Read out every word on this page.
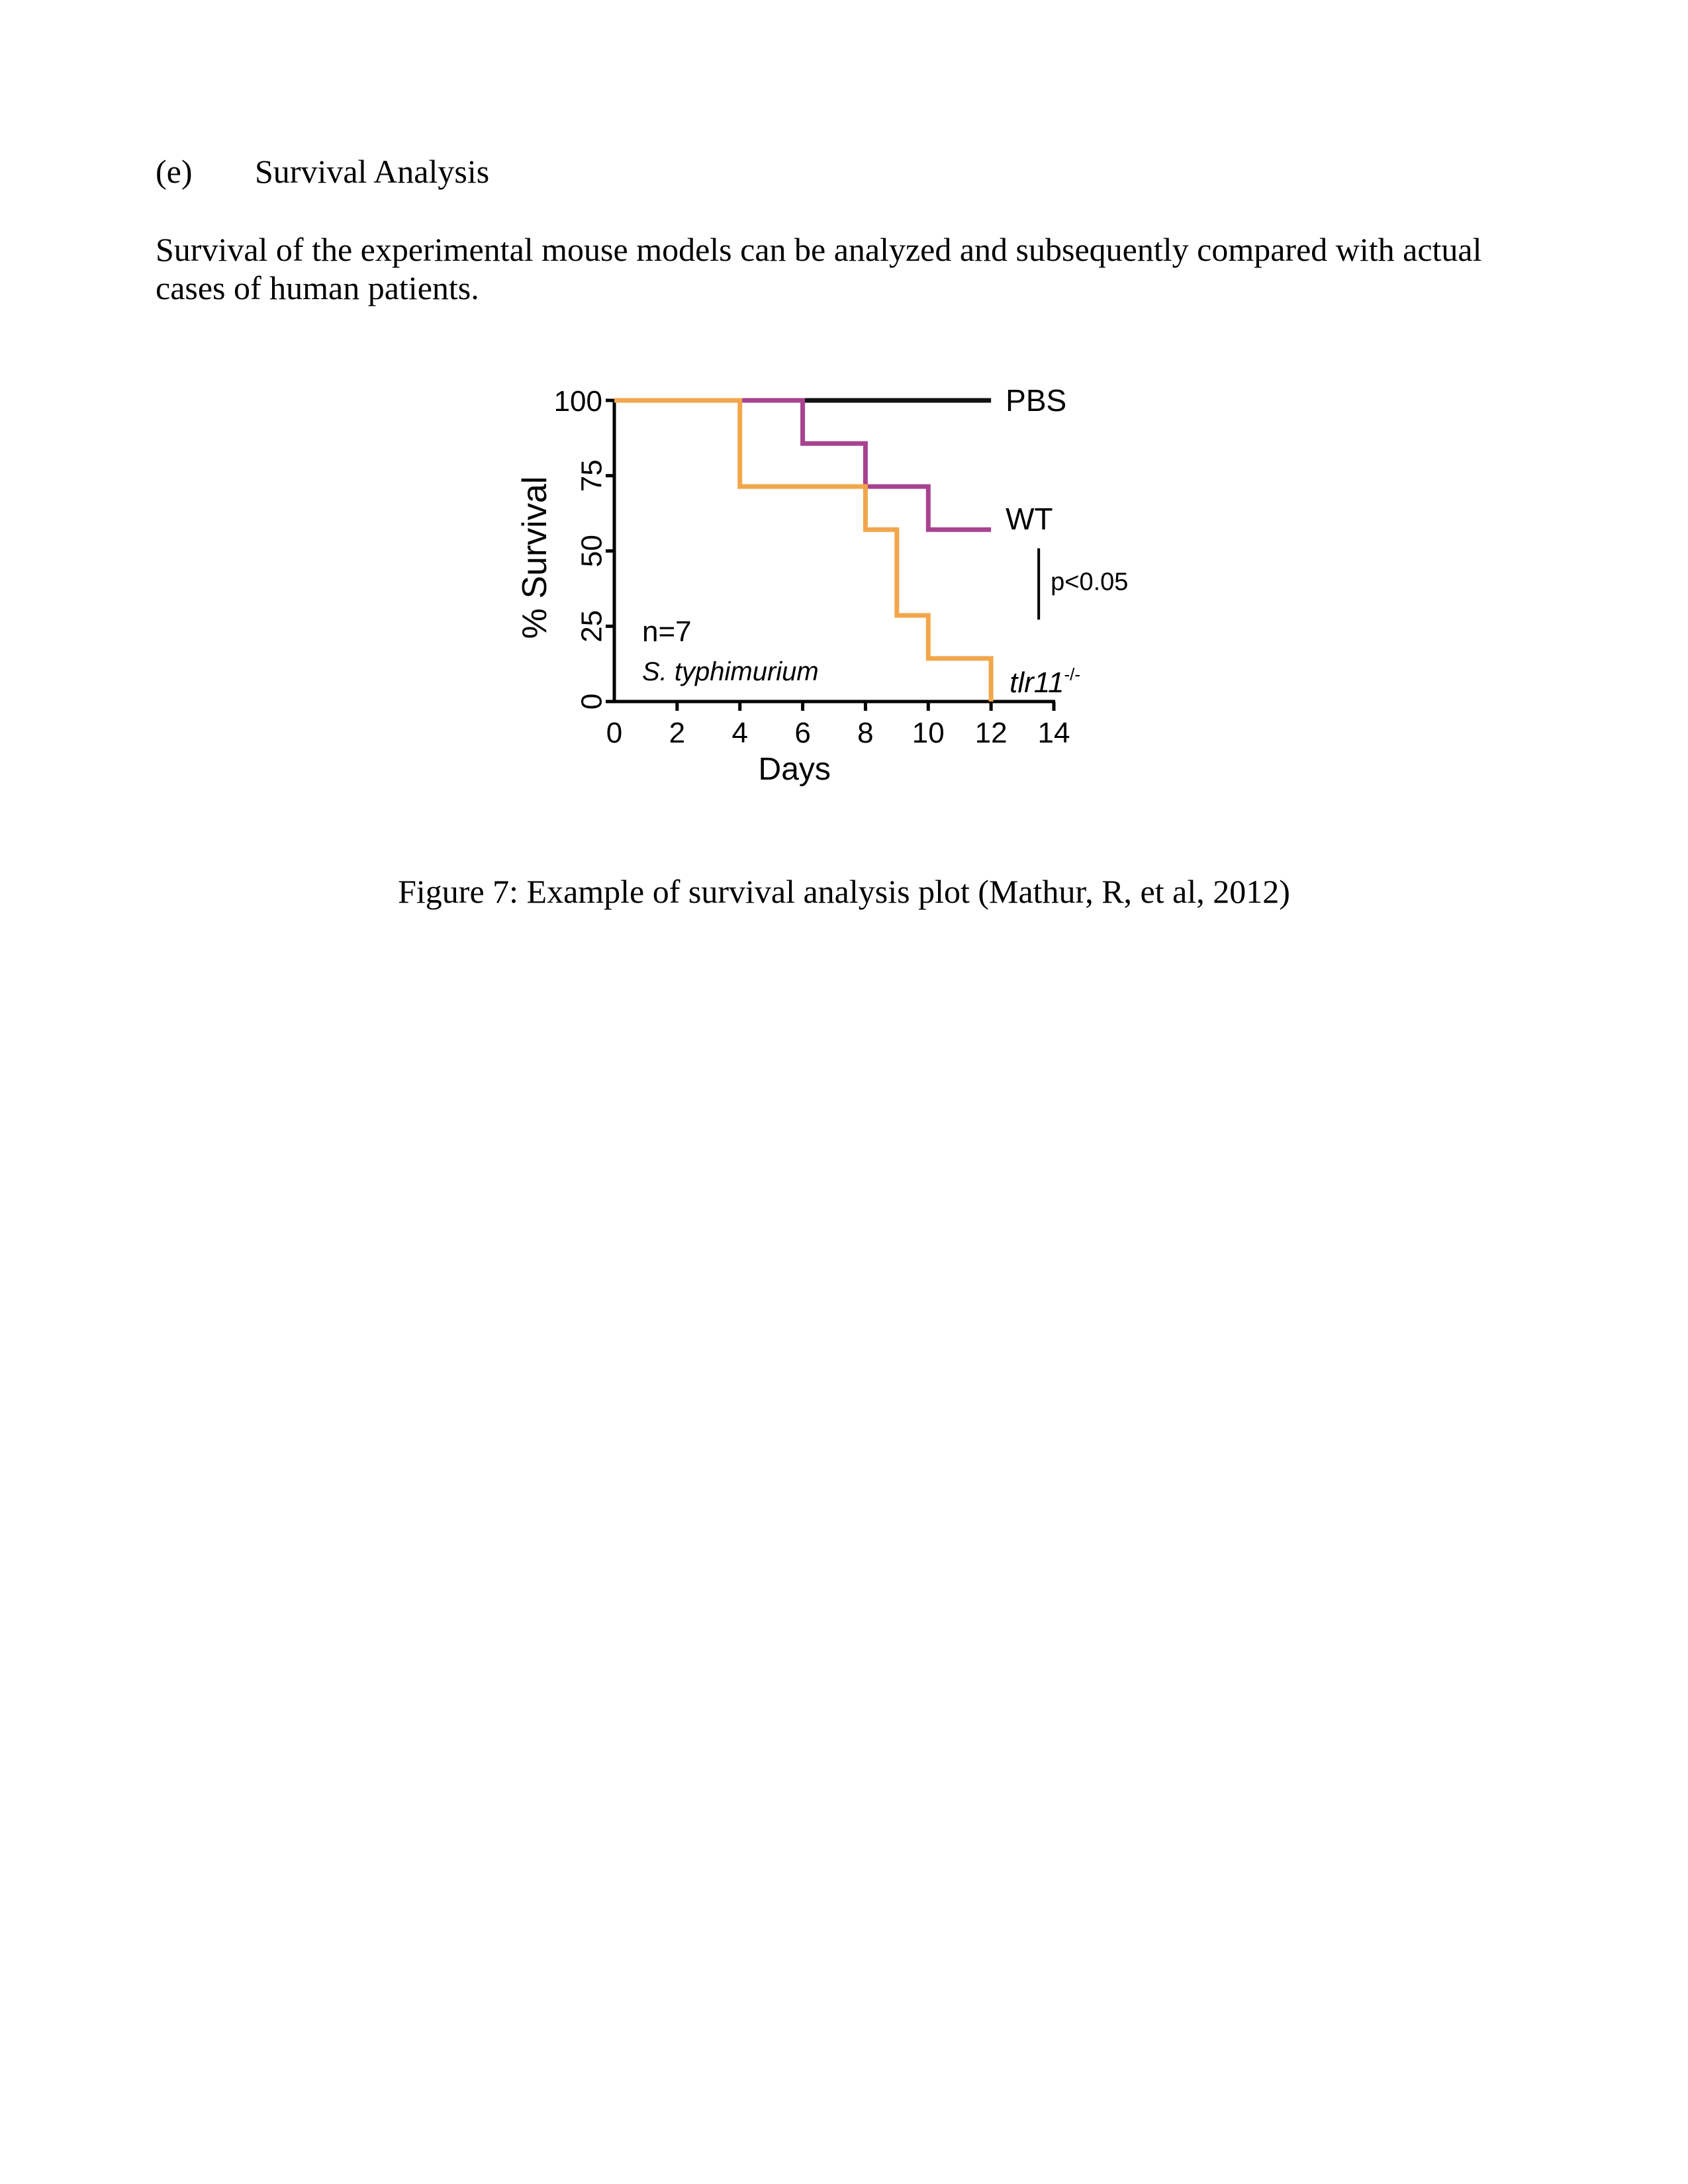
(e) Survival Analysis
Survival of the experimental mouse models can be analyzed and subsequently compared with actual cases of human patients.
0
25
50
75
100
0 2 4 6 8 10 12 14
Days
% Survival
PBS
WT
tlr11-/-
p<0.05
n=7
S. typhimurium
Figure 7: Example of survival analysis plot (Mathur, R, et al, 2012)
